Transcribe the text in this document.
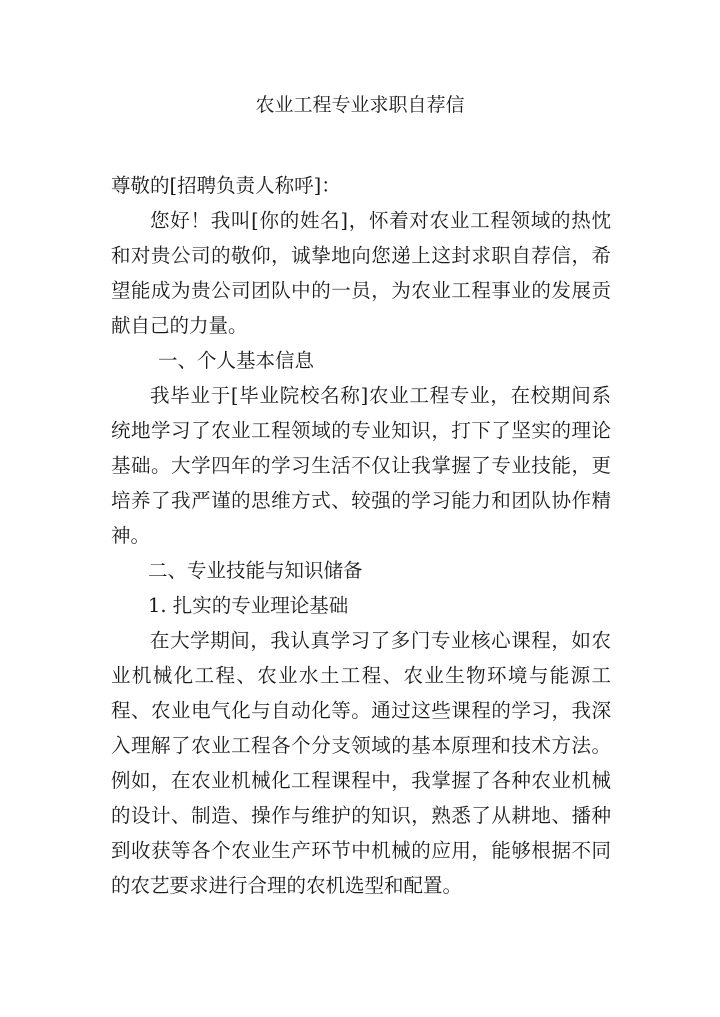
农业工程专业求职自荐信

尊敬的[招聘负责人称呼]：

您好！我叫[你的姓名]，怀着对农业工程领域的热忱和对贵公司的敬仰，诚挚地向您递上这封求职自荐信，希望能成为贵公司团队中的一员，为农业工程事业的发展贡献自己的力量。

一、个人基本信息

我毕业于[毕业院校名称]农业工程专业，在校期间系统地学习了农业工程领域的专业知识，打下了坚实的理论基础。大学四年的学习生活不仅让我掌握了专业技能，更培养了我严谨的思维方式、较强的学习能力和团队协作精神。

二、专业技能与知识储备

1. 扎实的专业理论基础

在大学期间，我认真学习了多门专业核心课程，如农业机械化工程、农业水土工程、农业生物环境与能源工程、农业电气化与自动化等。通过这些课程的学习，我深入理解了农业工程各个分支领域的基本原理和技术方法。例如，在农业机械化工程课程中，我掌握了各种农业机械的设计、制造、操作与维护的知识，熟悉了从耕地、播种到收获等各个农业生产环节中机械的应用，能够根据不同的农艺要求进行合理的农机选型和配置。
